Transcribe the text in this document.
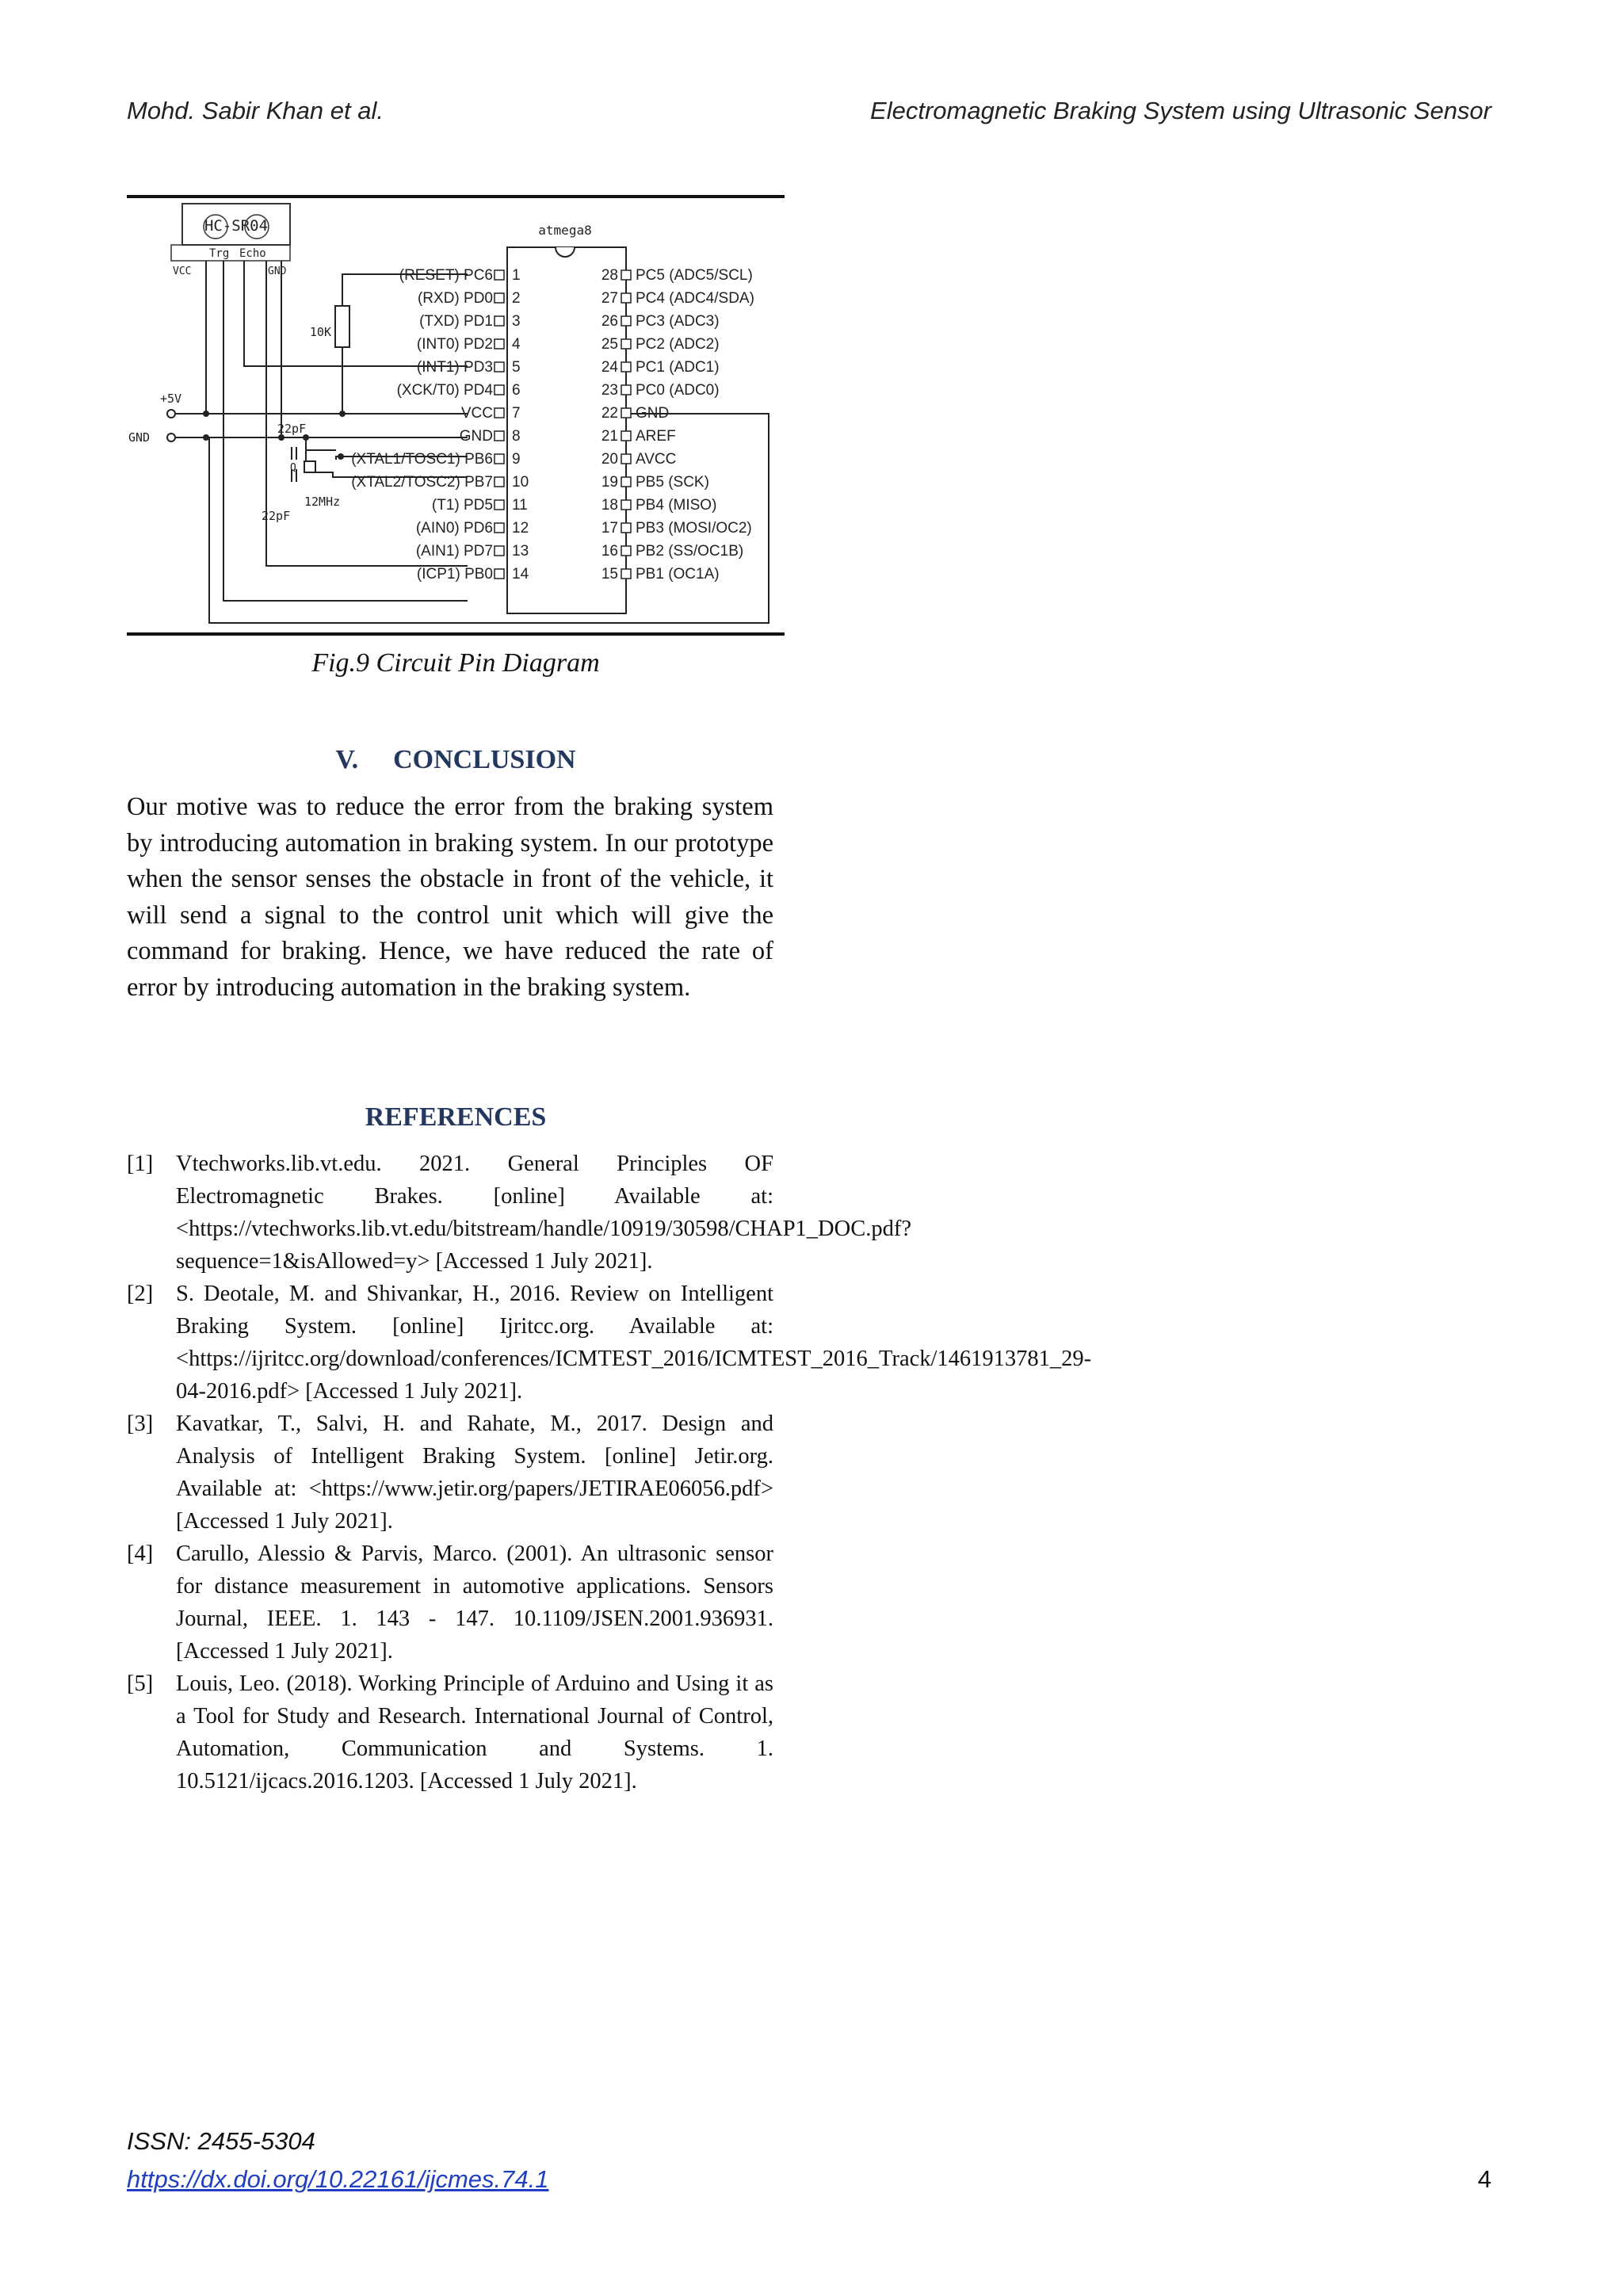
Mohd. Sabir Khan et al.	Electromagnetic Braking System using Ultrasonic Sensor
HC-SR04
Trg Echo
VCC	GND
10K
+5V
GND
22pF
22pF
Q
12MHz
atmega8
(RESET) PC6 1	28 PC5 (ADC5/SCL)
(RXD) PD0 2	27 PC4 (ADC4/SDA)
(TXD) PD1 3	26 PC3 (ADC3)
(INT0) PD2 4	25 PC2 (ADC2)
(INT1) PD3 5	24 PC1 (ADC1)
(XCK/T0) PD4 6	23 PC0 (ADC0)
VCC 7	22 GND
GND 8	21 AREF
(XTAL1/TOSC1) PB6 9	20 AVCC
(XTAL2/TOSC2) PB7 10	19 PB5 (SCK)
(T1) PD5 11	18 PB4 (MISO)
(AIN0) PD6 12	17 PB3 (MOSI/OC2)
(AIN1) PD7 13	16 PB2 (SS/OC1B)
(ICP1) PB0 14	15 PB1 (OC1A)
Fig.9 Circuit Pin Diagram
V. CONCLUSION

Our motive was to reduce the error from the braking system by introducing automation in braking system. In our prototype when the sensor senses the obstacle in front of the vehicle, it will send a signal to the control unit which will give the command for braking. Hence, we have reduced the rate of error by introducing automation in the braking system.

REFERENCES
[1] Vtechworks.lib.vt.edu. 2021. General Principles OF Electromagnetic Brakes. [online] Available at: <https://vtechworks.lib.vt.edu/bitstream/handle/10919/30598/CHAP1_DOC.pdf?sequence=1&isAllowed=y> [Accessed 1 July 2021].
[2] S. Deotale, M. and Shivankar, H., 2016. Review on Intelligent Braking System. [online] Ijritcc.org. Available at: <https://ijritcc.org/download/conferences/ICMTEST_2016/ICMTEST_2016_Track/1461913781_29-04-2016.pdf> [Accessed 1 July 2021].
[3] Kavatkar, T., Salvi, H. and Rahate, M., 2017. Design and Analysis of Intelligent Braking System. [online] Jetir.org. Available at: <https://www.jetir.org/papers/JETIRAE06056.pdf> [Accessed 1 July 2021].
[4] Carullo, Alessio & Parvis, Marco. (2001). An ultrasonic sensor for distance measurement in automotive applications. Sensors Journal, IEEE. 1. 143 - 147. 10.1109/JSEN.2001.936931. [Accessed 1 July 2021].
[5] Louis, Leo. (2018). Working Principle of Arduino and Using it as a Tool for Study and Research. International Journal of Control, Automation, Communication and Systems. 1. 10.5121/ijcacs.2016.1203. [Accessed 1 July 2021].
ISSN: 2455-5304
https://dx.doi.org/10.22161/ijcmes.74.1	4
